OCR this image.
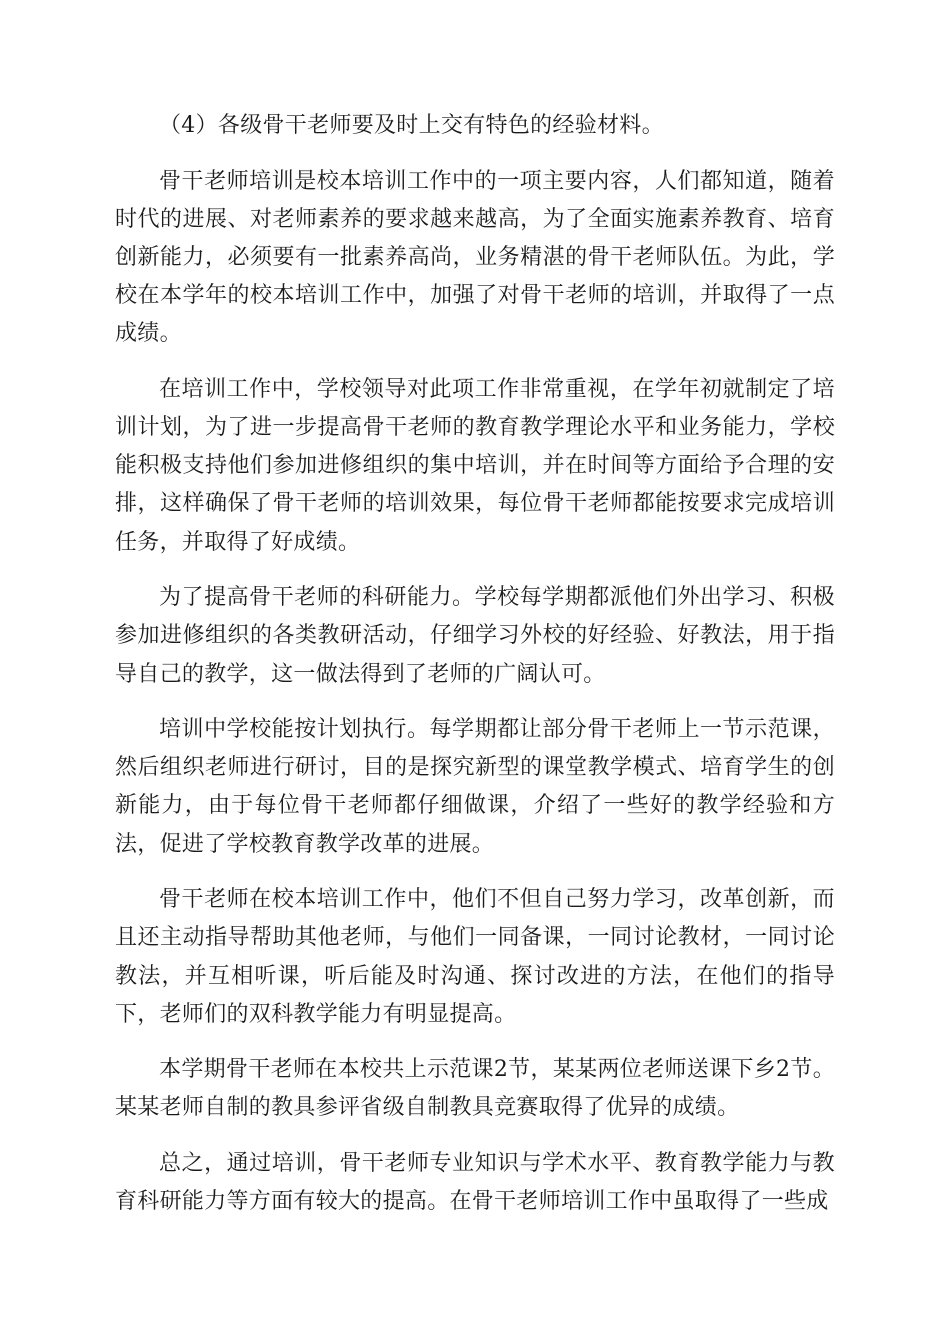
（4）各级骨干老师要及时上交有特色的经验材料。

骨干老师培训是校本培训工作中的一项主要内容，人们都知道，随着时代的进展、对老师素养的要求越来越高，为了全面实施素养教育、培育创新能力，必须要有一批素养高尚，业务精湛的骨干老师队伍。为此，学校在本学年的校本培训工作中，加强了对骨干老师的培训，并取得了一点成绩。

在培训工作中，学校领导对此项工作非常重视，在学年初就制定了培训计划，为了进一步提高骨干老师的教育教学理论水平和业务能力，学校能积极支持他们参加进修组织的集中培训，并在时间等方面给予合理的安排，这样确保了骨干老师的培训效果，每位骨干老师都能按要求完成培训任务，并取得了好成绩。

为了提高骨干老师的科研能力。学校每学期都派他们外出学习、积极参加进修组织的各类教研活动，仔细学习外校的好经验、好教法，用于指导自己的教学，这一做法得到了老师的广阔认可。

培训中学校能按计划执行。每学期都让部分骨干老师上一节示范课，然后组织老师进行研讨，目的是探究新型的课堂教学模式、培育学生的创新能力，由于每位骨干老师都仔细做课，介绍了一些好的教学经验和方法，促进了学校教育教学改革的进展。

骨干老师在校本培训工作中，他们不但自己努力学习，改革创新，而且还主动指导帮助其他老师，与他们一同备课，一同讨论教材，一同讨论教法，并互相听课，听后能及时沟通、探讨改进的方法，在他们的指导下，老师们的双科教学能力有明显提高。

本学期骨干老师在本校共上示范课2节，某某两位老师送课下乡2节。某某老师自制的教具参评省级自制教具竞赛取得了优异的成绩。

总之，通过培训，骨干老师专业知识与学术水平、教育教学能力与教育科研能力等方面有较大的提高。在骨干老师培训工作中虽取得了一些成
